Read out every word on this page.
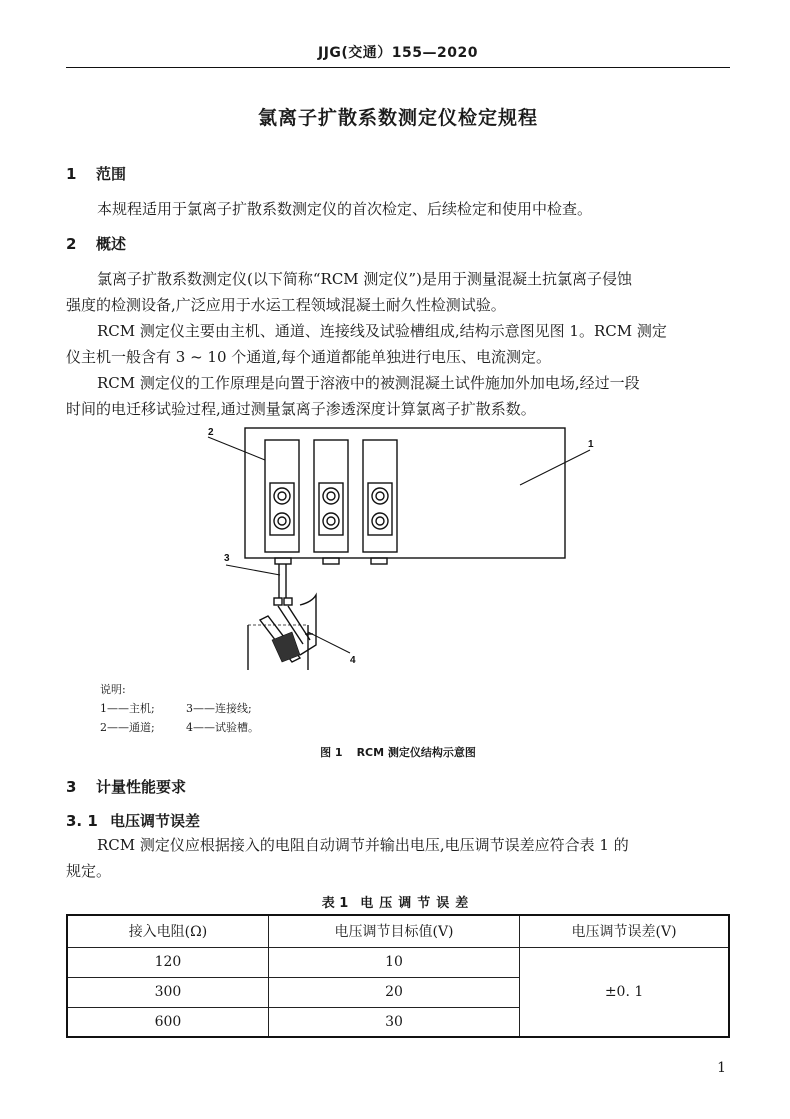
JJG(交通）155—2020
氯离子扩散系数测定仪检定规程
1 范围
本规程适用于氯离子扩散系数测定仪的首次检定、后续检定和使用中检查。
2 概述
氯离子扩散系数测定仪(以下简称“RCM 测定仪”)是用于测量混凝土抗氯离子侵蚀
强度的检测设备,广泛应用于水运工程领域混凝土耐久性检测试验。
RCM 测定仪主要由主机、通道、连接线及试验槽组成,结构示意图见图 1。RCM 测定
仪主机一般含有 3 ~ 10 个通道,每个通道都能单独进行电压、电流测定。
RCM 测定仪的工作原理是向置于溶液中的被测混凝土试件施加外加电场,经过一段
时间的电迁移试验过程,通过测量氯离子渗透深度计算氯离子扩散系数。
2
1
3
4
说明:
1——主机;	3——连接线;
2——通道;	4——试验槽。
图 1 RCM 测定仪结构示意图
3 计量性能要求
3. 1 电压调节误差
RCM 测定仪应根据接入的电阻自动调节并输出电压,电压调节误差应符合表 1 的
规定。
表 1 电压调节误差
接入电阻(Ω)	电压调节目标值(V)	电压调节误差(V)
120	10	±0. 1
300	20	
600	30	
1
